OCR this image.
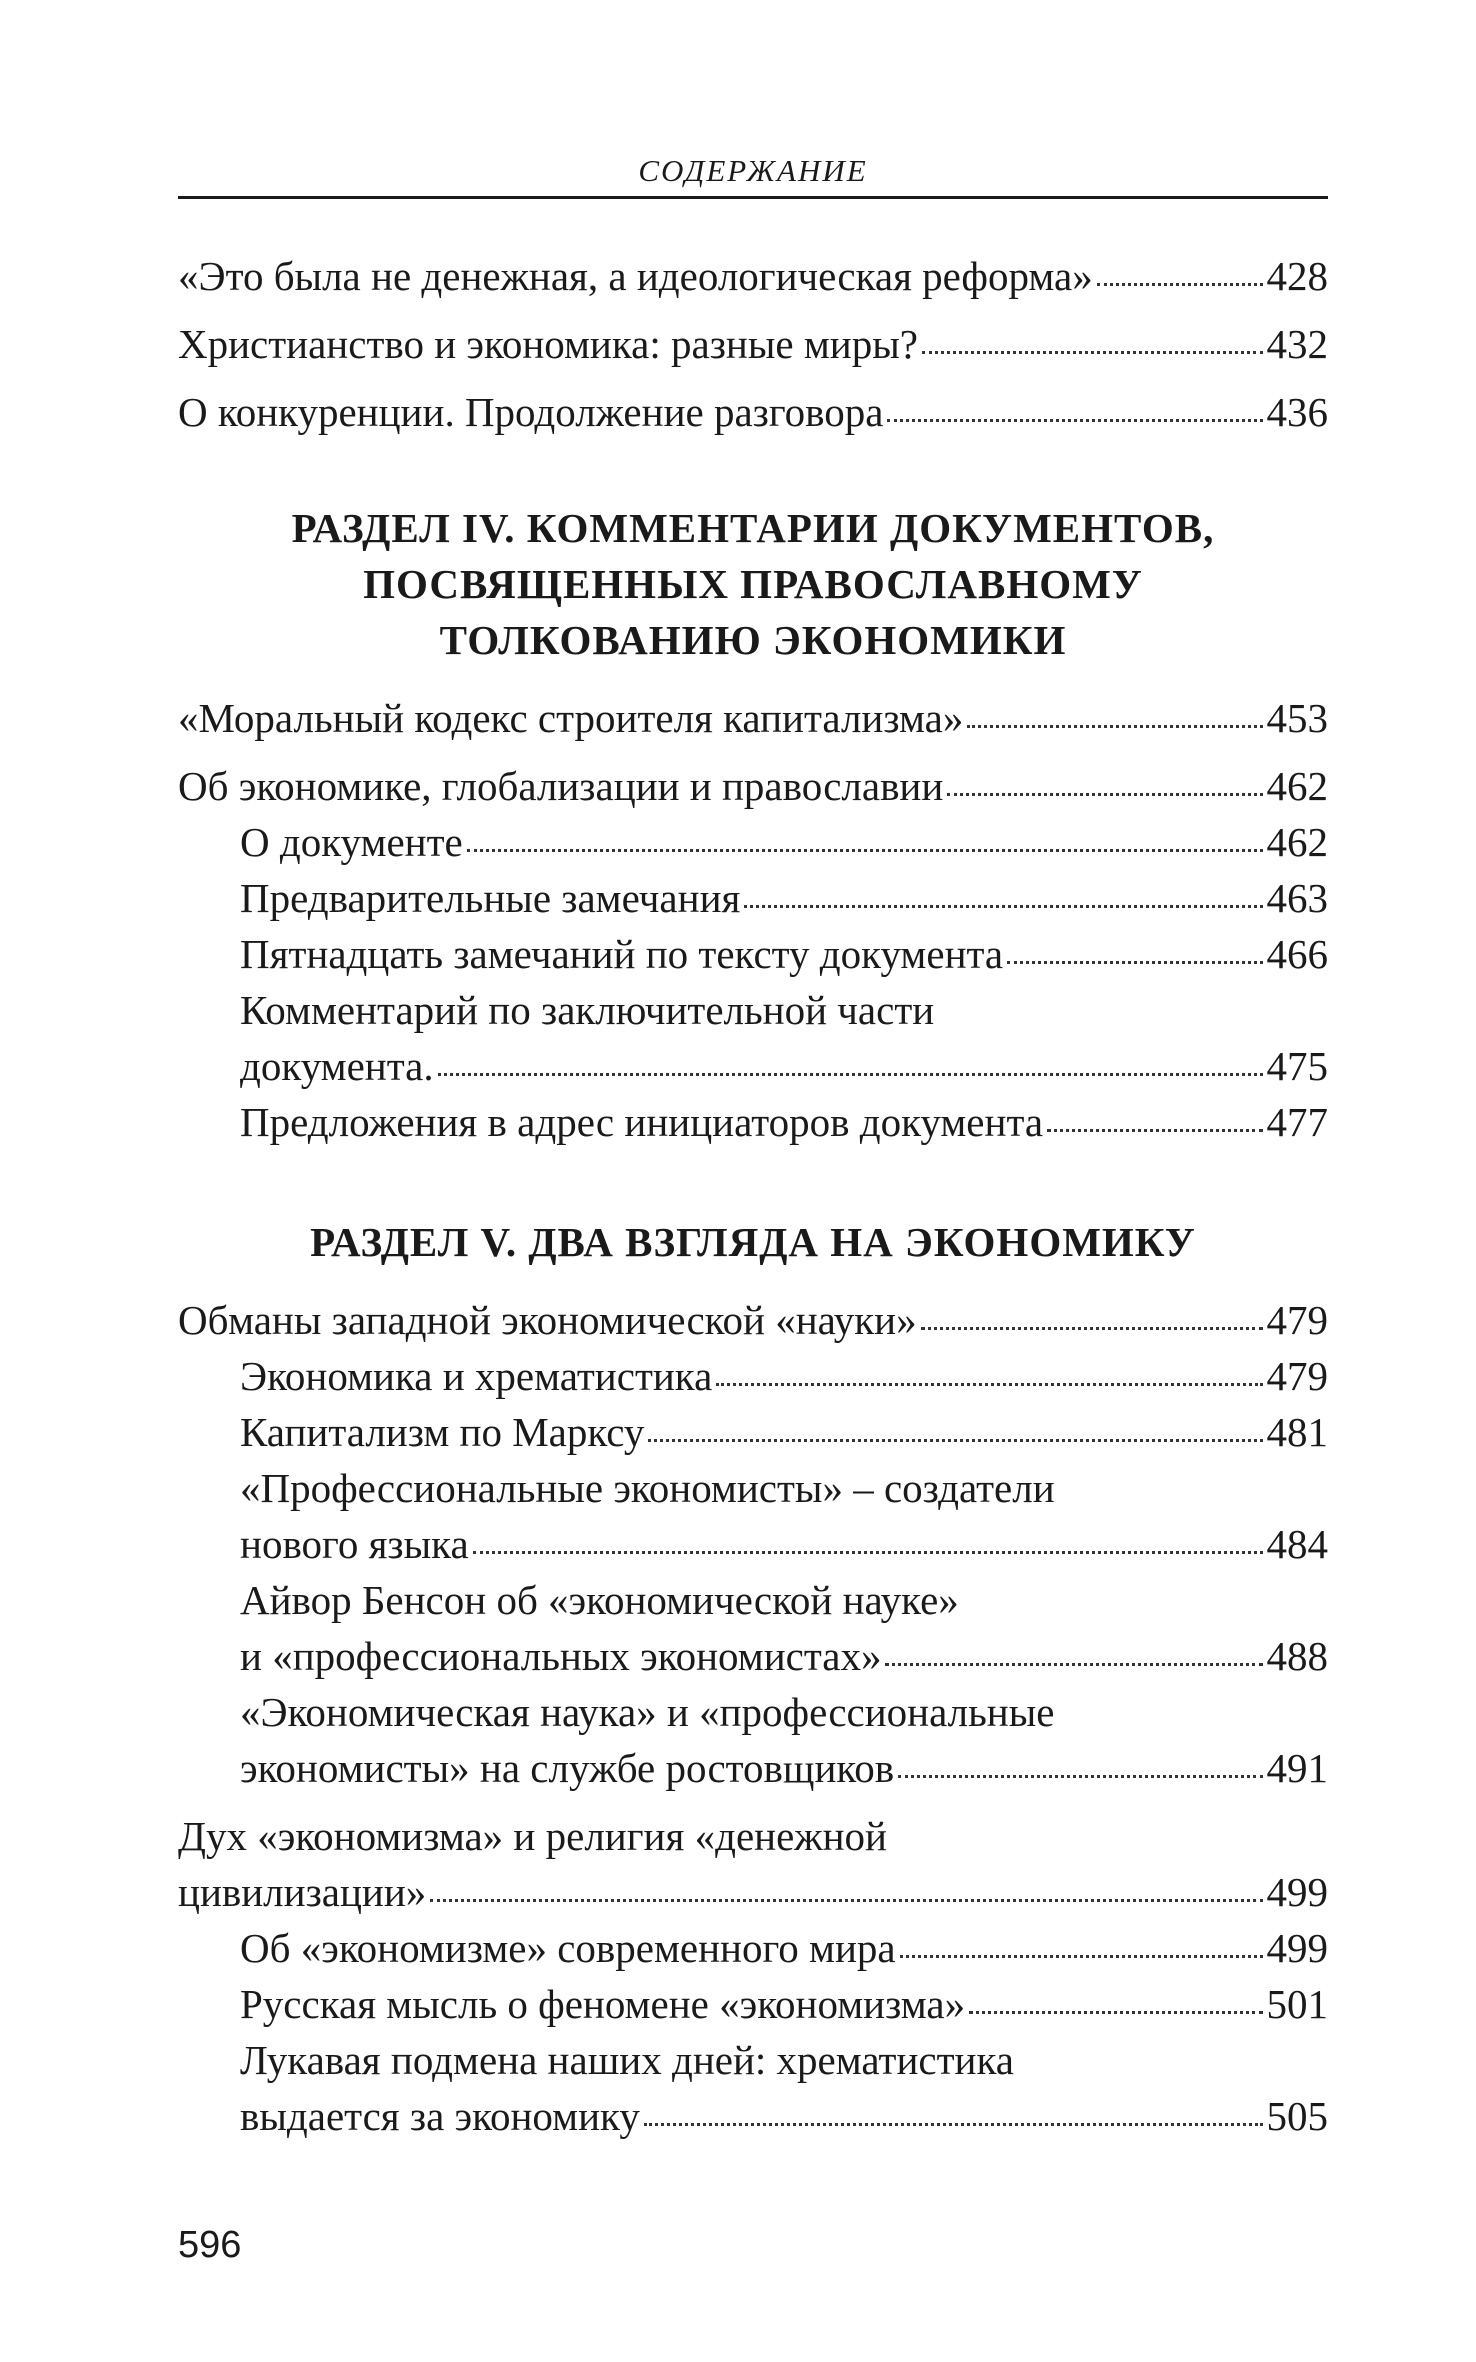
СОДЕРЖАНИЕ
«Это была не денежная, а идеологическая реформа»	428
Христианство и экономика: разные миры?	432
О конкуренции. Продолжение разговора	436
РАЗДЕЛ IV. КОММЕНТАРИИ ДОКУМЕНТОВ,
ПОСВЯЩЕННЫХ ПРАВОСЛАВНОМУ
ТОЛКОВАНИЮ ЭКОНОМИКИ
«Моральный кодекс строителя капитализма»	453
Об экономике, глобализации и православии	462
О документе	462
Предварительные замечания	463
Пятнадцать замечаний по тексту документа	466
Комментарий по заключительной части
документа.	475
Предложения в адрес инициаторов документа	477
РАЗДЕЛ V. ДВА ВЗГЛЯДА НА ЭКОНОМИКУ
Обманы западной экономической «науки»	479
Экономика и хрематистика	479
Капитализм по Марксу	481
«Профессиональные экономисты» – создатели
нового языка	484
Айвор Бенсон об «экономической науке»
и «профессиональных экономистах»	488
«Экономическая наука» и «профессиональные
экономисты» на службе ростовщиков	491
Дух «экономизма» и религия «денежной
цивилизации»	499
Об «экономизме» современного мира	499
Русская мысль о феномене «экономизма»	501
Лукавая подмена наших дней: хрематистика
выдается за экономику	505
596
